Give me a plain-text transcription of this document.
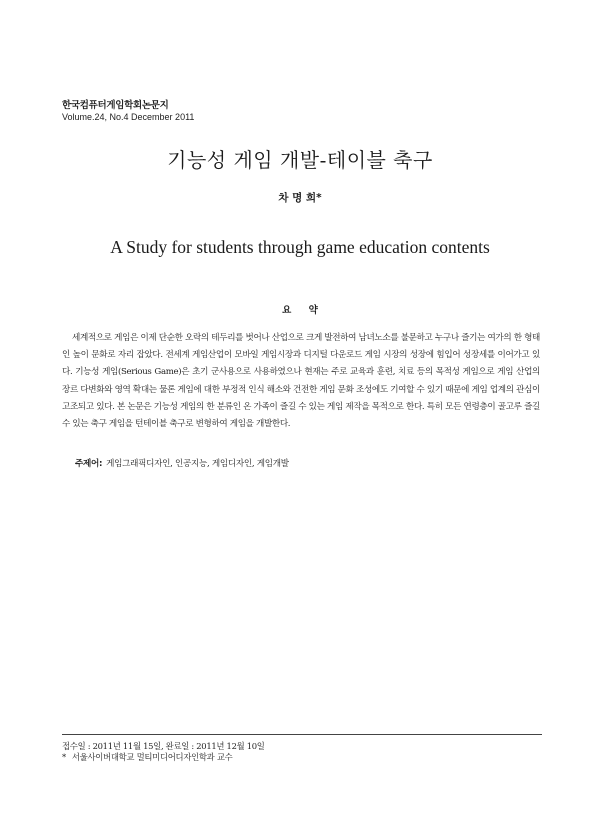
한국컴퓨터게임학회논문지
Volume.24, No.4 December 2011
기능성 게임 개발-테이블 축구
차 명 희*
A Study for students through game education contents
요 약
세계적으로 게임은 이제 단순한 오락의 테두리를 벗어나 산업으로 크게 발전하여 남녀노소를 불문하고 누구나 즐기는 여가의 한 형태인 높이 문화로 자리 잡았다. 전세계 게임산업이 모바일 게임시장과 디지털 다운로드 게임 시장의 성장에 힘입어 성장세를 이어가고 있다. 기능성 게임(Serious Game)은 초기 군사용으로 사용하였으나 현재는 주로 교육과 훈련, 치료 등의 목적성 게임으로 게임 산업의 장르 다변화와 영역 확대는 물론 게임에 대한 부정적 인식 해소와 건전한 게임 문화 조성에도 기여할 수 있기 때문에 게임 업계의 관심이 고조되고 있다. 본 논문은 기능성 게임의 한 분류인 온 가족이 즐길 수 있는 게임 제작을 목적으로 한다. 특히 모든 연령층이 골고루 즐길 수 있는 축구 게임을 턴테이블 축구로 변형하여 게임을 개발한다.
주제어: 게임그래픽디자인, 인공지능, 게임디자인, 게임개발
접수일 : 2011년 11월 15일, 완료일 : 2011년 12월 10일
* 서울사이버대학교 멀티미디어디자인학과 교수
